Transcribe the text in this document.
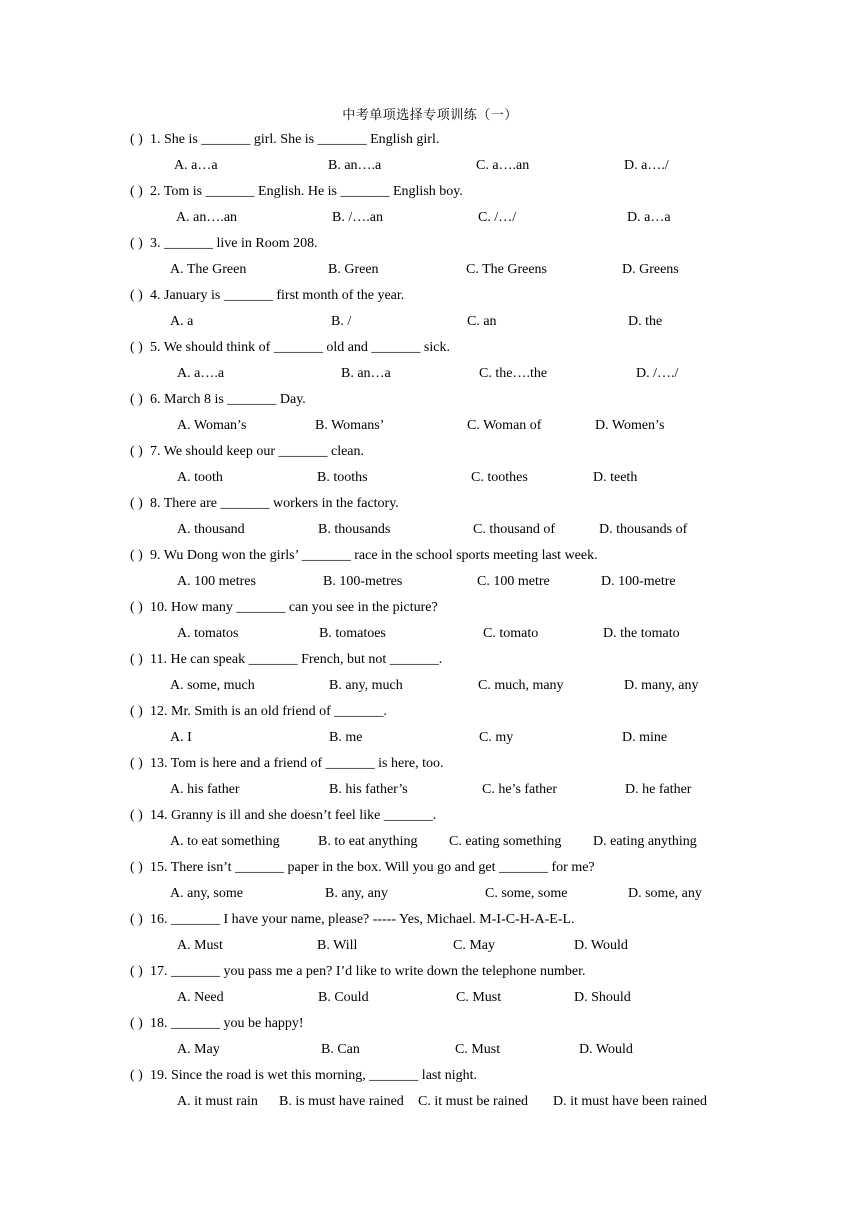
中考单项选择专项训练（一）
( ) 1. She is _______ girl. She is _______ English girl.
A. a…a	B. an….a	C. a….an	D. a…./
( ) 2. Tom is _______ English. He is _______ English boy.
A. an….an	B. /….an	C. /…/	D. a…a
( ) 3. _______ live in Room 208.
A. The Green	B. Green	C. The Greens	D. Greens
( ) 4. January is _______ first month of the year.
A. a	B. /	C. an	D. the
( ) 5. We should think of _______ old and _______ sick.
A. a….a	B. an…a	C. the….the	D. /…./
( ) 6. March 8 is _______ Day.
A. Woman’s	B. Womans’	C. Woman of	D. Women’s
( ) 7. We should keep our _______ clean.
A. tooth	B. tooths	C. toothes	D. teeth
( ) 8. There are _______ workers in the factory.
A. thousand	B. thousands	C. thousand of	D. thousands of
( ) 9. Wu Dong won the girls’ _______ race in the school sports meeting last week.
A. 100 metres	B. 100-metres	C. 100 metre	D. 100-metre
( ) 10. How many _______ can you see in the picture?
A. tomatos	B. tomatoes	C. tomato	D. the tomato
( ) 11. He can speak _______ French, but not _______.
A. some, much	B. any, much	C. much, many	D. many, any
( ) 12. Mr. Smith is an old friend of _______.
A. I	B. me	C. my	D. mine
( ) 13. Tom is here and a friend of _______ is here, too.
A. his father	B. his father’s	C. he’s father	D. he father
( ) 14. Granny is ill and she doesn’t feel like _______.
A. to eat something	B. to eat anything C. eating something D. eating anything
( ) 15. There isn’t _______ paper in the box. Will you go and get _______ for me?
A. any, some	B. any, any	C. some, some	D. some, any
( ) 16. _______ I have your name, please? ----- Yes, Michael. M-I-C-H-A-E-L.
A. Must	B. Will	C. May	D. Would
( ) 17. _______ you pass me a pen? I’d like to write down the telephone number.
A. Need	B. Could	C. Must	D. Should
( ) 18. _______ you be happy!
A. May	B. Can	C. Must	D. Would
( ) 19. Since the road is wet this morning, _______ last night.
A. it must rain B. is must have rained C. it must be rained D. it must have been rained
